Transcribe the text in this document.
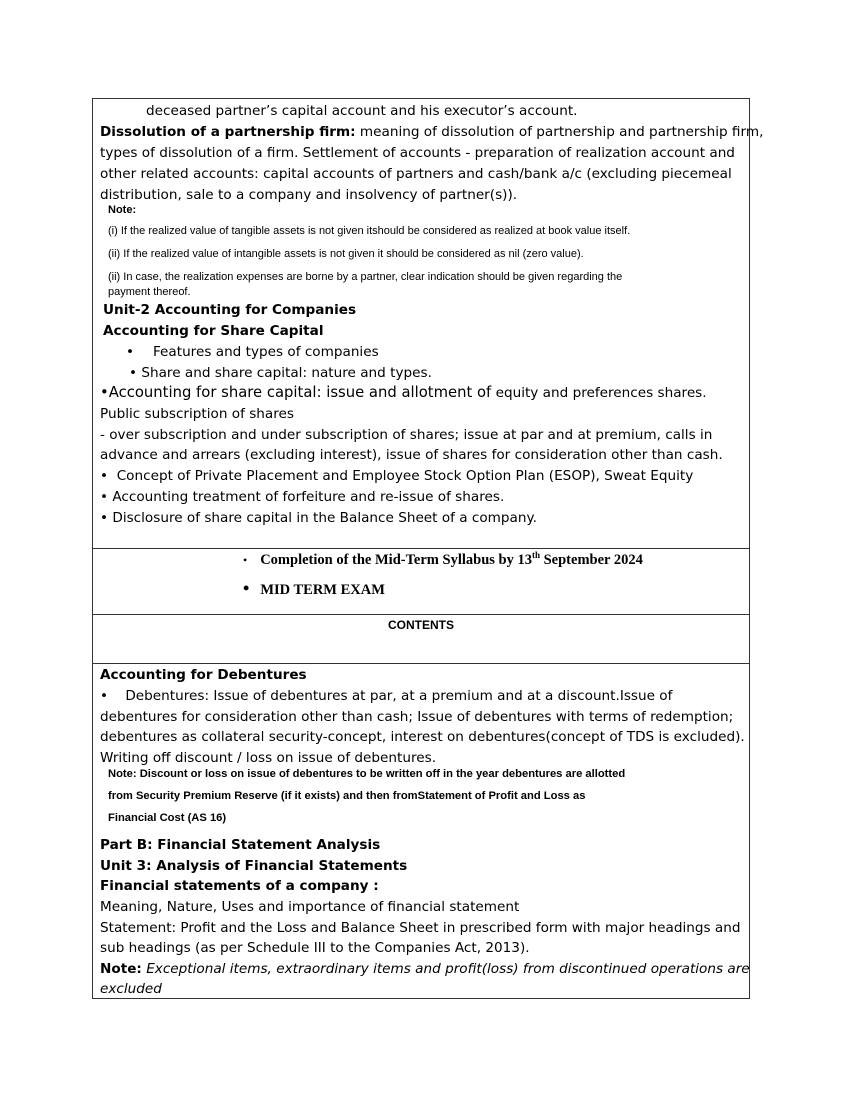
deceased partner’s capital account and his executor’s account.
Dissolution of a partnership firm: meaning of dissolution of partnership and partnership firm,
types of dissolution of a firm. Settlement of accounts - preparation of realization account and
other related accounts: capital accounts of partners and cash/bank a/c (excluding piecemeal
distribution, sale to a company and insolvency of partner(s)).
Note:
(i) If the realized value of tangible assets is not given itshould be considered as realized at book value itself.
(ii) If the realized value of intangible assets is not given it should be considered as nil (zero value).
(ii) In case, the realization expenses are borne by a partner, clear indication should be given regarding the
payment thereof.
Unit-2 Accounting for Companies
Accounting for Share Capital
• Features and types of companies
• Share and share capital: nature and types.
•Accounting for share capital: issue and allotment of equity and preferences shares.
Public subscription of shares
- over subscription and under subscription of shares; issue at par and at premium, calls in
advance and arrears (excluding interest), issue of shares for consideration other than cash.
• Concept of Private Placement and Employee Stock Option Plan (ESOP), Sweat Equity
• Accounting treatment of forfeiture and re-issue of shares.
• Disclosure of share capital in the Balance Sheet of a company.
• Completion of the Mid-Term Syllabus by 13th September 2024
• MID TERM EXAM
CONTENTS
Accounting for Debentures
• Debentures: Issue of debentures at par, at a premium and at a discount.Issue of
debentures for consideration other than cash; Issue of debentures with terms of redemption;
debentures as collateral security-concept, interest on debentures(concept of TDS is excluded).
Writing off discount / loss on issue of debentures.
Note: Discount or loss on issue of debentures to be written off in the year debentures are allotted
from Security Premium Reserve (if it exists) and then fromStatement of Profit and Loss as
Financial Cost (AS 16)
Part B: Financial Statement Analysis
Unit 3: Analysis of Financial Statements
Financial statements of a company :
Meaning, Nature, Uses and importance of financial statement
Statement: Profit and the Loss and Balance Sheet in prescribed form with major headings and
sub headings (as per Schedule III to the Companies Act, 2013).
Note: Exceptional items, extraordinary items and profit(loss) from discontinued operations are
excluded
